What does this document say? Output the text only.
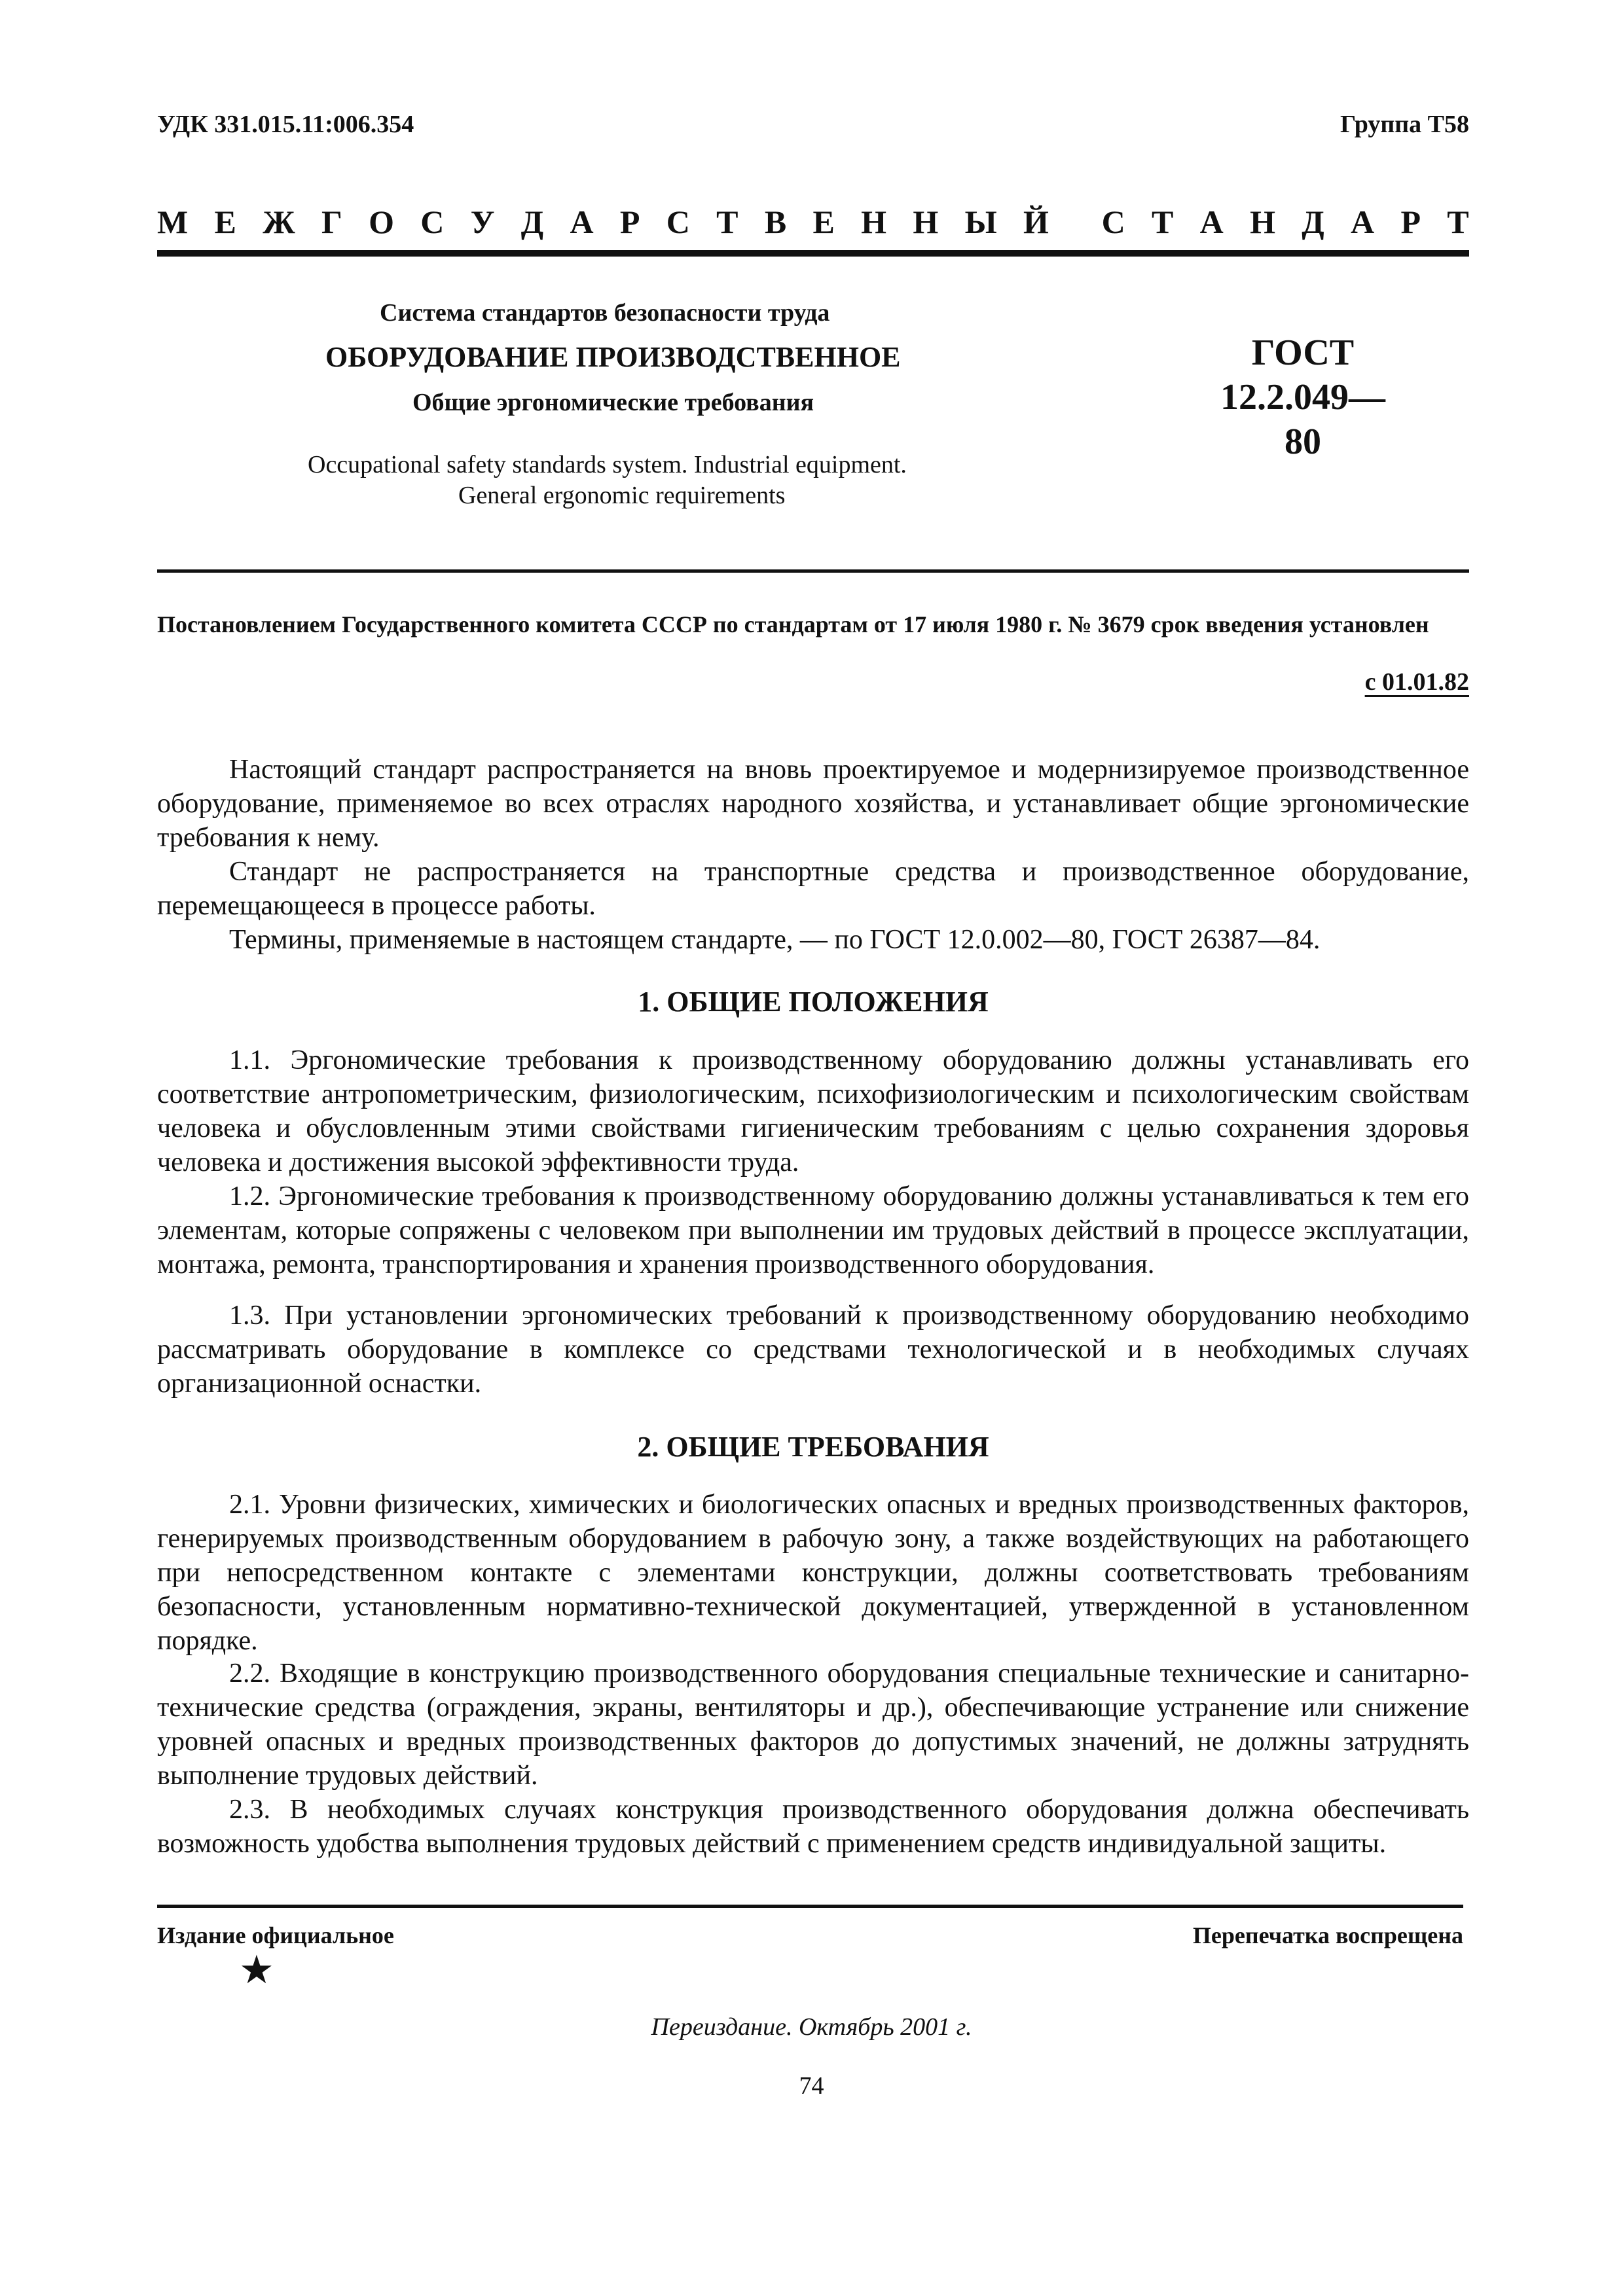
УДК 331.015.11:006.354	Группа Т58
М Е Ж Г О С У Д А Р С Т В Е Н Н Ы Й С Т А Н Д А Р Т
Система стандартов безопасности труда
ОБОРУДОВАНИЕ ПРОИЗВОДСТВЕННОЕ
Общие эргономические требования
ГОСТ
12.2.049—80
Occupational safety standards system. Industrial equipment.
General ergonomic requirements
Постановлением Государственного комитета СССР по стандартам от 17 июля 1980 г. № 3679 срок введения установлен
с 01.01.82
Настоящий стандарт распространяется на вновь проектируемое и модернизируемое производственное оборудование, применяемое во всех отраслях народного хозяйства, и устанавливает общие эргономические требования к нему.
Стандарт не распространяется на транспортные средства и производственное оборудование, перемещающееся в процессе работы.
Термины, применяемые в настоящем стандарте, — по ГОСТ 12.0.002—80, ГОСТ 26387—84.
1. ОБЩИЕ ПОЛОЖЕНИЯ
1.1. Эргономические требования к производственному оборудованию должны устанавливать его соответствие антропометрическим, физиологическим, психофизиологическим и психологическим свойствам человека и обусловленным этими свойствами гигиеническим требованиям с целью сохранения здоровья человека и достижения высокой эффективности труда.
1.2. Эргономические требования к производственному оборудованию должны устанавливаться к тем его элементам, которые сопряжены с человеком при выполнении им трудовых действий в процессе эксплуатации, монтажа, ремонта, транспортирования и хранения производственного оборудования.
1.3. При установлении эргономических требований к производственному оборудованию необходимо рассматривать оборудование в комплексе со средствами технологической и в необходимых случаях организационной оснастки.
2. ОБЩИЕ ТРЕБОВАНИЯ
2.1. Уровни физических, химических и биологических опасных и вредных производственных факторов, генерируемых производственным оборудованием в рабочую зону, а также воздействующих на работающего при непосредственном контакте с элементами конструкции, должны соответствовать требованиям безопасности, установленным нормативно-технической документацией, утвержденной в установленном порядке.
2.2. Входящие в конструкцию производственного оборудования специальные технические и санитарно-технические средства (ограждения, экраны, вентиляторы и др.), обеспечивающие устранение или снижение уровней опасных и вредных производственных факторов до допустимых значений, не должны затруднять выполнение трудовых действий.
2.3. В необходимых случаях конструкция производственного оборудования должна обеспечивать возможность удобства выполнения трудовых действий с применением средств индивидуальной защиты.
Издание официальное	Перепечатка воспрещена
★
Переиздание. Октябрь 2001 г.
74
